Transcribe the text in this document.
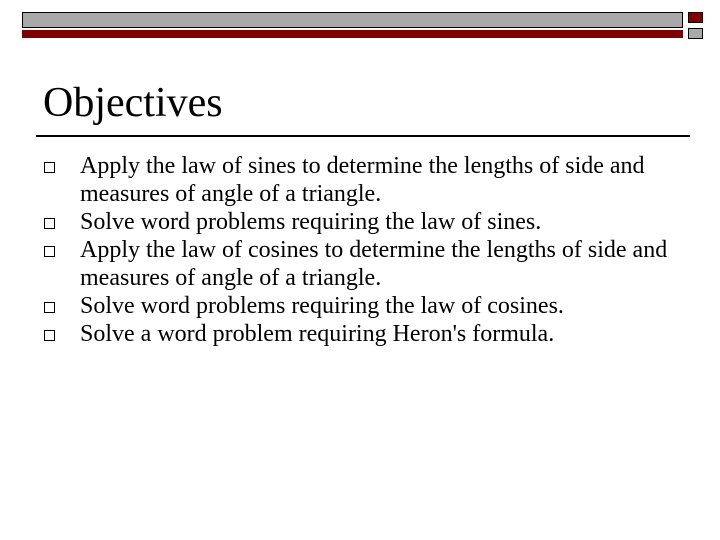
Objectives
Apply the law of sines to determine the lengths of side and measures of angle of a triangle.
Solve word problems requiring the law of sines.
Apply the law of cosines to determine the lengths of side and measures of angle of a triangle.
Solve word problems requiring the law of cosines.
Solve a word problem requiring Heron's formula.
